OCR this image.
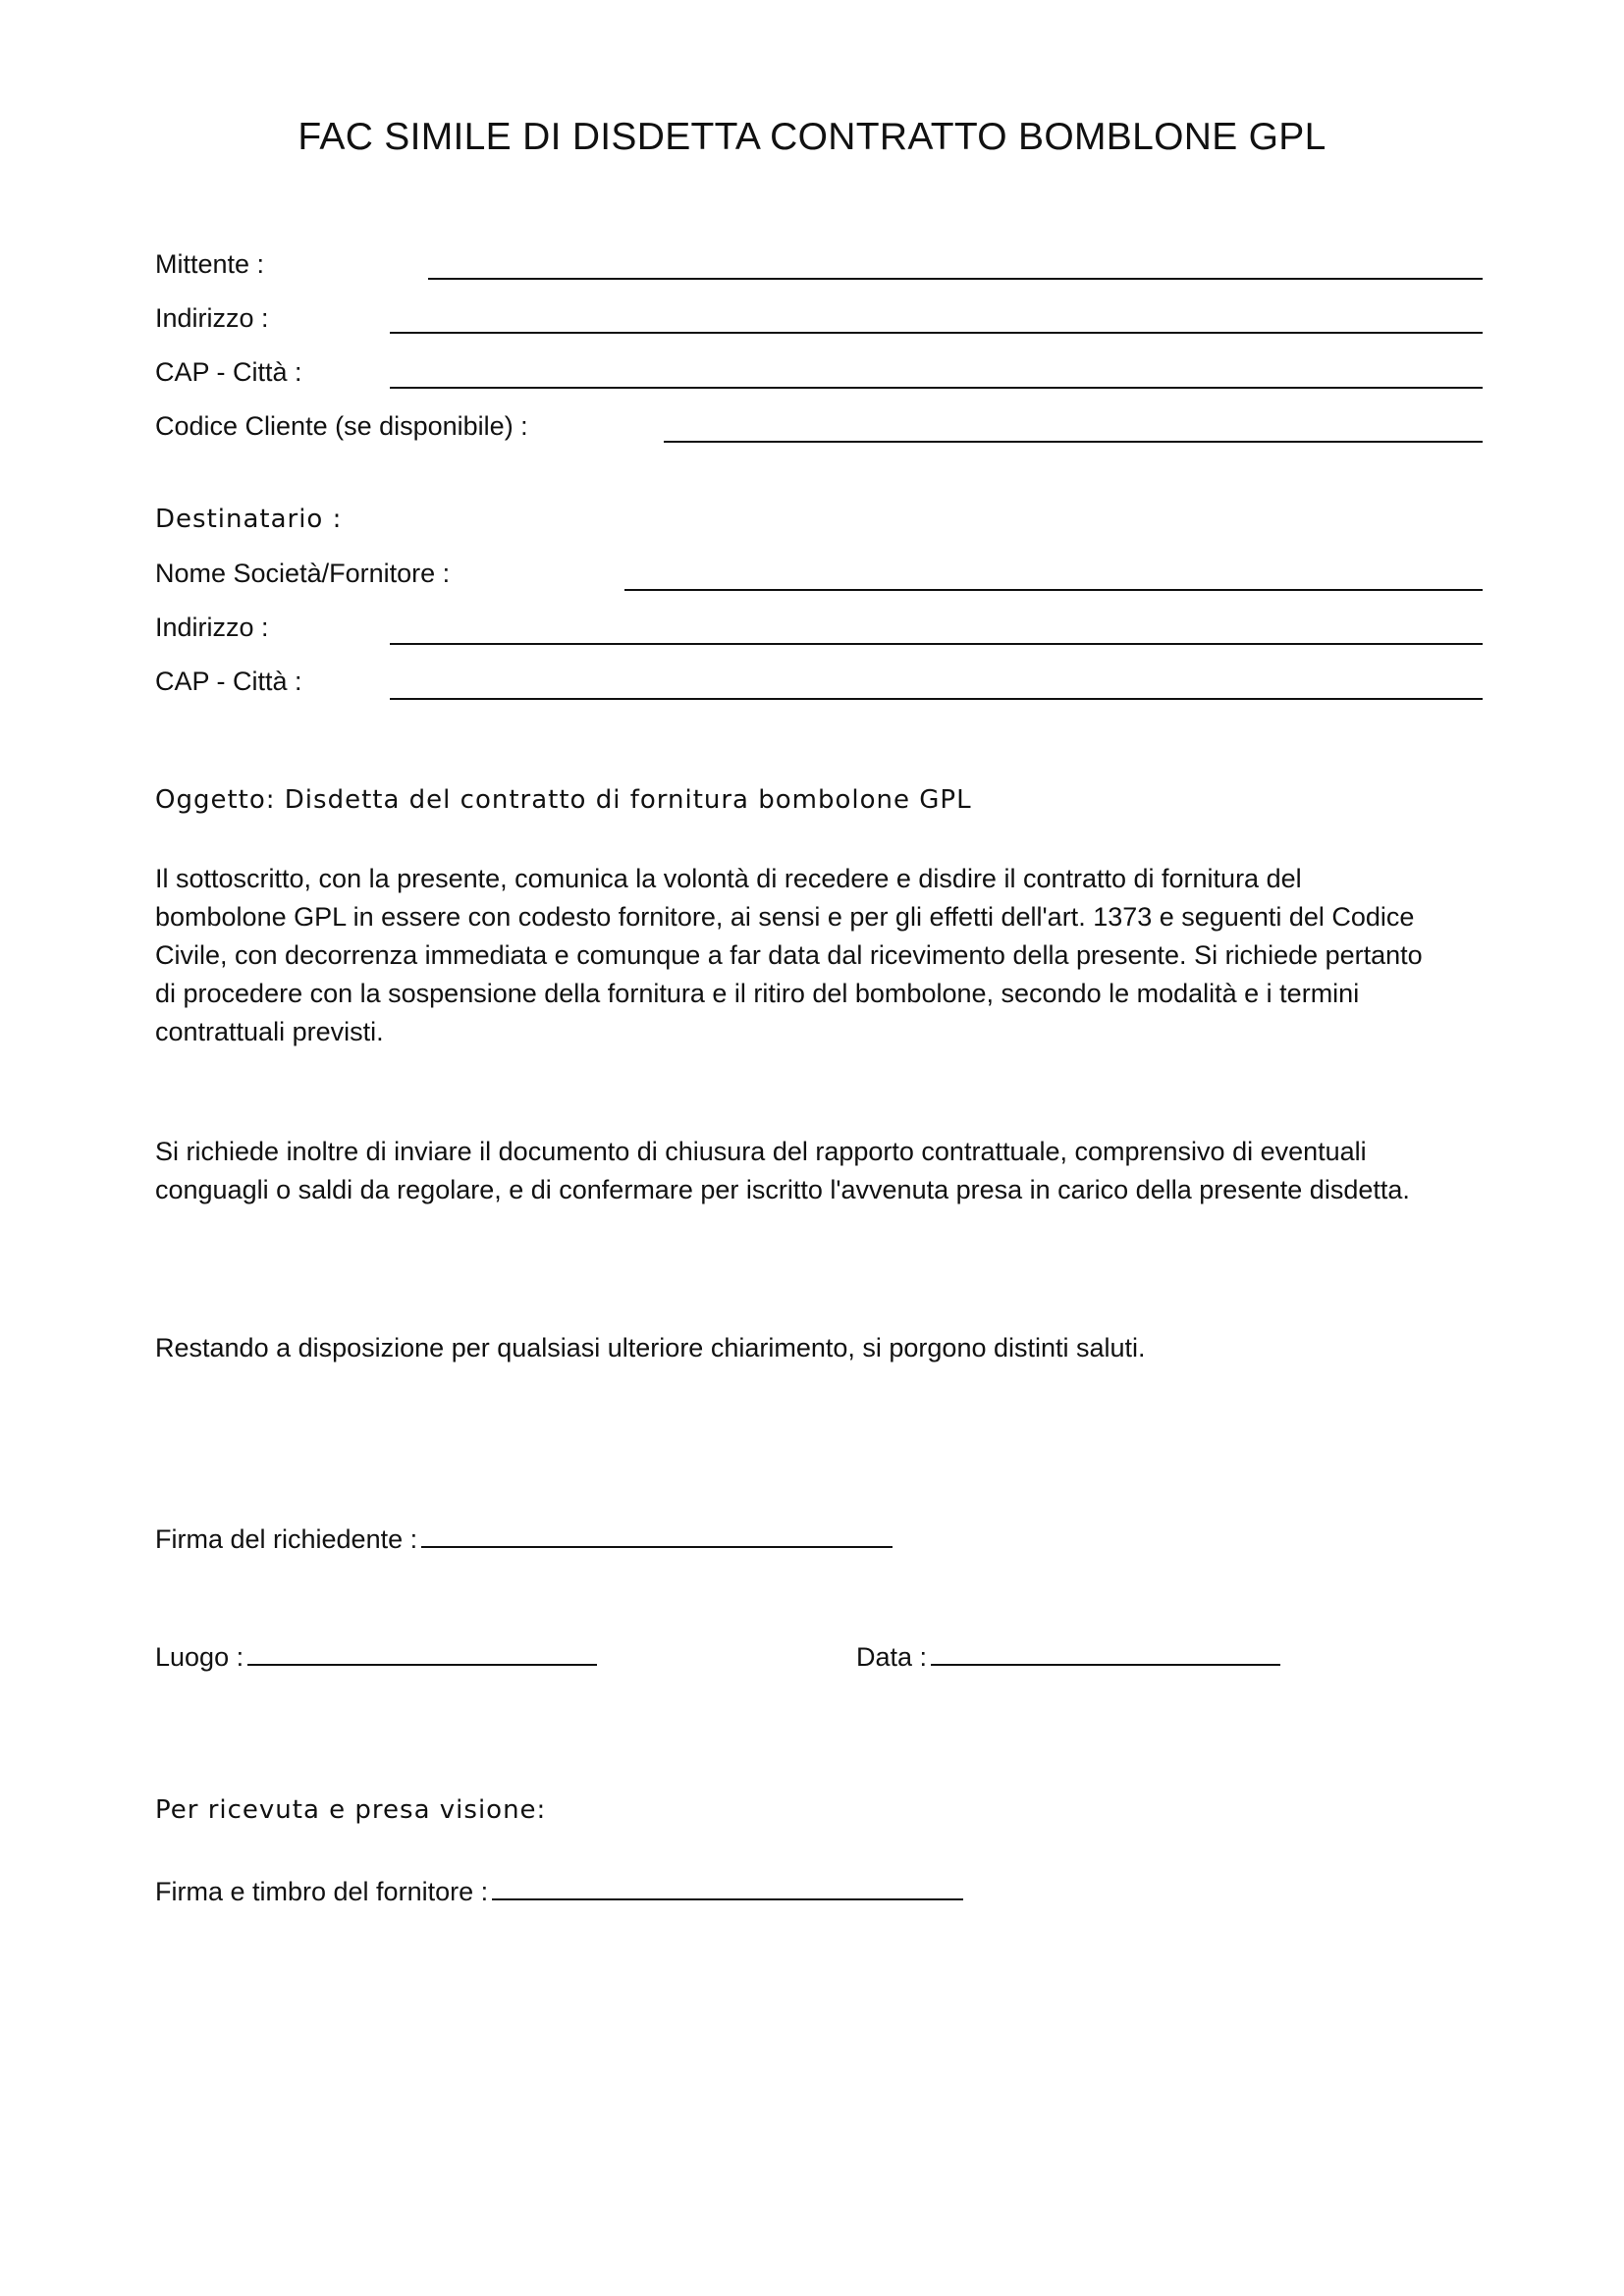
FAC SIMILE DI DISDETTA CONTRATTO BOMBLONE GPL
Mittente :
Indirizzo :
CAP - Città :
Codice Cliente (se disponibile) :
Destinatario :
Nome Società/Fornitore :
Indirizzo :
CAP - Città :
Oggetto: Disdetta del contratto di fornitura bombolone GPL
Il sottoscritto, con la presente, comunica la volontà di recedere e disdire il contratto di fornitura del
bombolone GPL in essere con codesto fornitore, ai sensi e per gli effetti dell'art. 1373 e seguenti del Codice
Civile, con decorrenza immediata e comunque a far data dal ricevimento della presente. Si richiede pertanto
di procedere con la sospensione della fornitura e il ritiro del bombolone, secondo le modalità e i termini
contrattuali previsti.
Si richiede inoltre di inviare il documento di chiusura del rapporto contrattuale, comprensivo di eventuali
conguagli o saldi da regolare, e di confermare per iscritto l'avvenuta presa in carico della presente disdetta.
Restando a disposizione per qualsiasi ulteriore chiarimento, si porgono distinti saluti.
Firma del richiedente :
Luogo :	Data :
Per ricevuta e presa visione:
Firma e timbro del fornitore :
